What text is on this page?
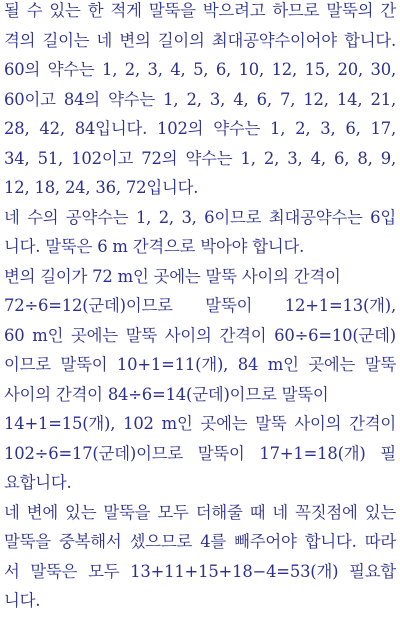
될 수 있는 한 적게 말뚝을 박으려고 하므로 말뚝의 간
격의 길이는 네 변의 길이의 최대공약수이어야 합니다.
60의 약수는 1, 2, 3, 4, 5, 6, 10, 12, 15, 20, 30,
60이고 84의 약수는 1, 2, 3, 4, 6, 7, 12, 14, 21,
28, 42, 84입니다. 102의 약수는 1, 2, 3, 6, 17,
34, 51, 102이고 72의 약수는 1, 2, 3, 4, 6, 8, 9,
12, 18, 24, 36, 72입니다.
네 수의 공약수는 1, 2, 3, 6이므로 최대공약수는 6입
니다. 말뚝은 6 m 간격으로 박아야 합니다.
변의 길이가 72 m인 곳에는 말뚝 사이의 간격이
72÷6=12(군데)이므로 말뚝이 12+1=13(개),
60 m인 곳에는 말뚝 사이의 간격이 60÷6=10(군데)
이므로 말뚝이 10+1=11(개), 84 m인 곳에는 말뚝
사이의 간격이 84÷6=14(군데)이므로 말뚝이
14+1=15(개), 102 m인 곳에는 말뚝 사이의 간격이
102÷6=17(군데)이므로 말뚝이 17+1=18(개) 필
요합니다.
네 변에 있는 말뚝을 모두 더해줄 때 네 꼭짓점에 있는
말뚝을 중복해서 셌으므로 4를 빼주어야 합니다. 따라
서 말뚝은 모두 13+11+15+18−4=53(개) 필요합
니다.
